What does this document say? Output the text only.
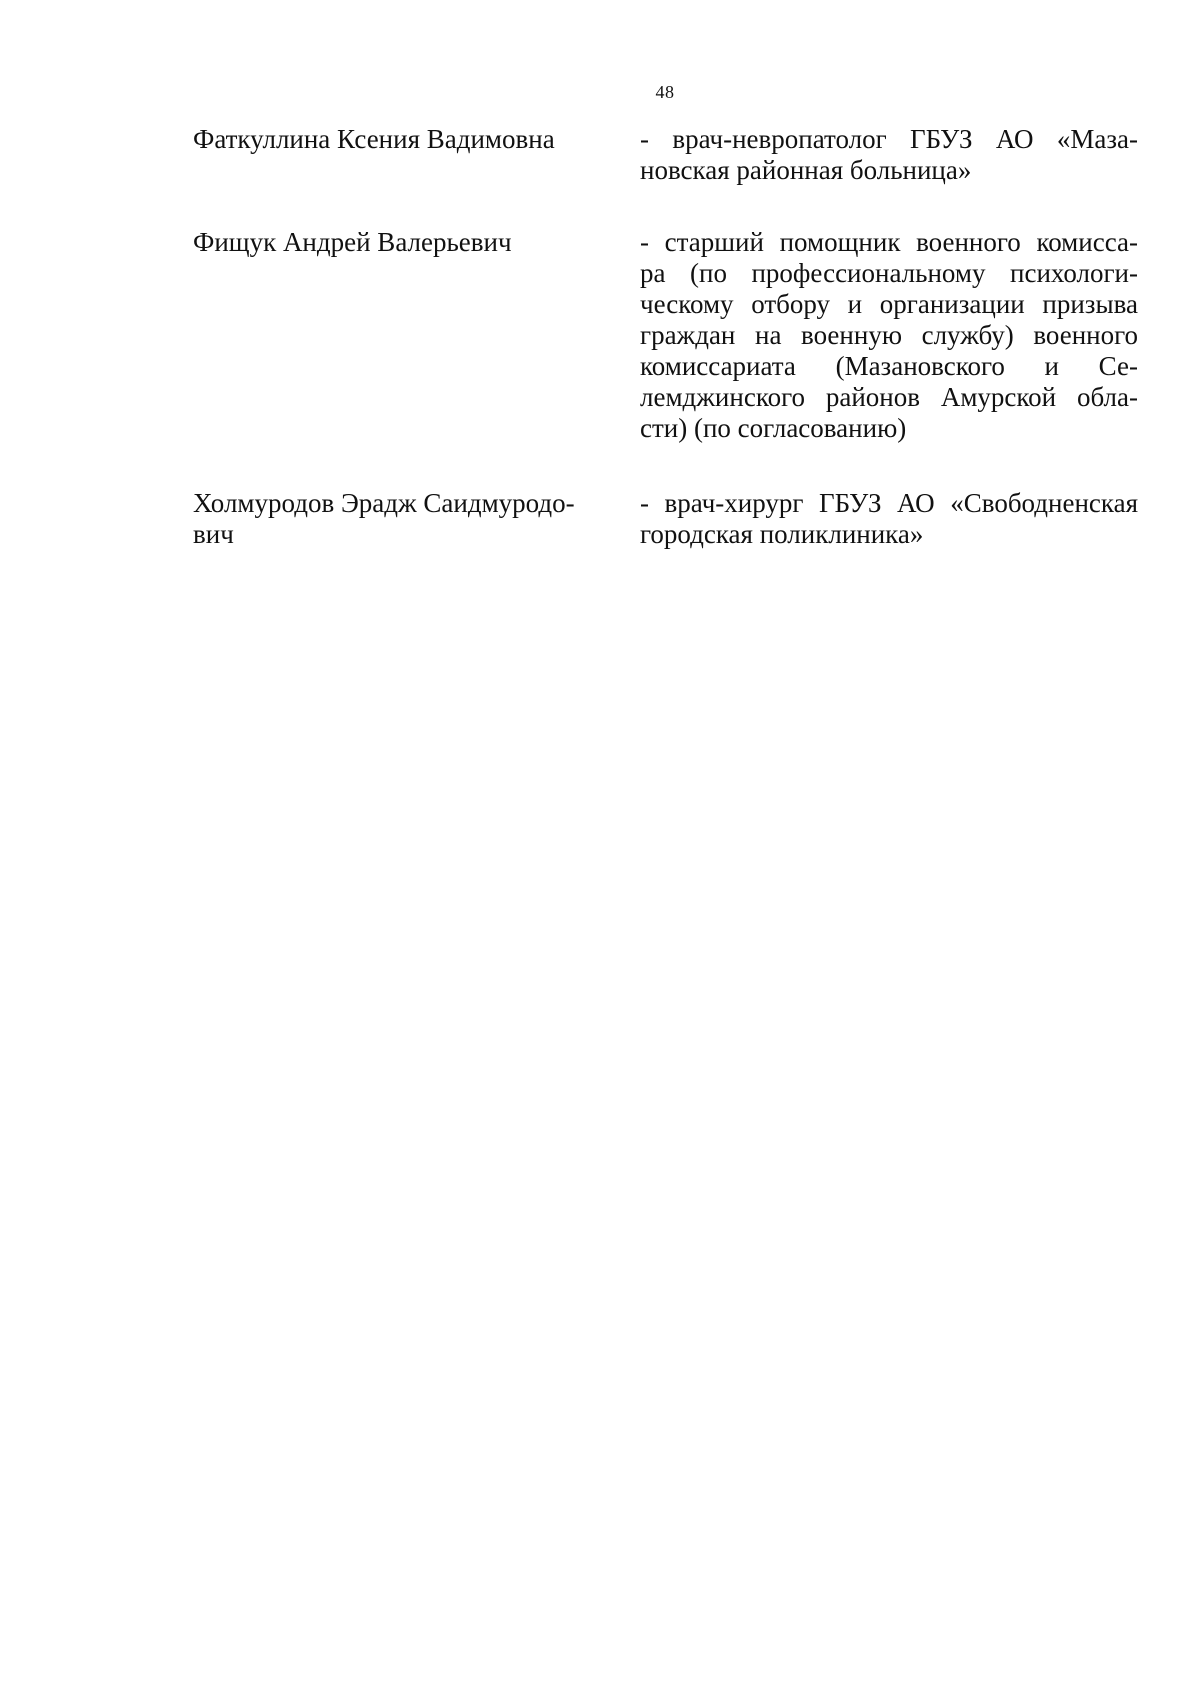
48
Фаткуллина Ксения Вадимовна	- врач-невропатолог ГБУЗ АО «Маза-
новская районная больница»
Фищук Андрей Валерьевич	- старший помощник военного комисса-
ра (по профессиональному психологи-
ческому отбору и организации призыва
граждан на военную службу) военного
комиссариата (Мазановского и Се-
лемджинского районов Амурской обла-
сти) (по согласованию)
Холмуродов Эрадж Саидмуродо-
вич
- врач-хирург ГБУЗ АО «Свободненская
городская поликлиника»
